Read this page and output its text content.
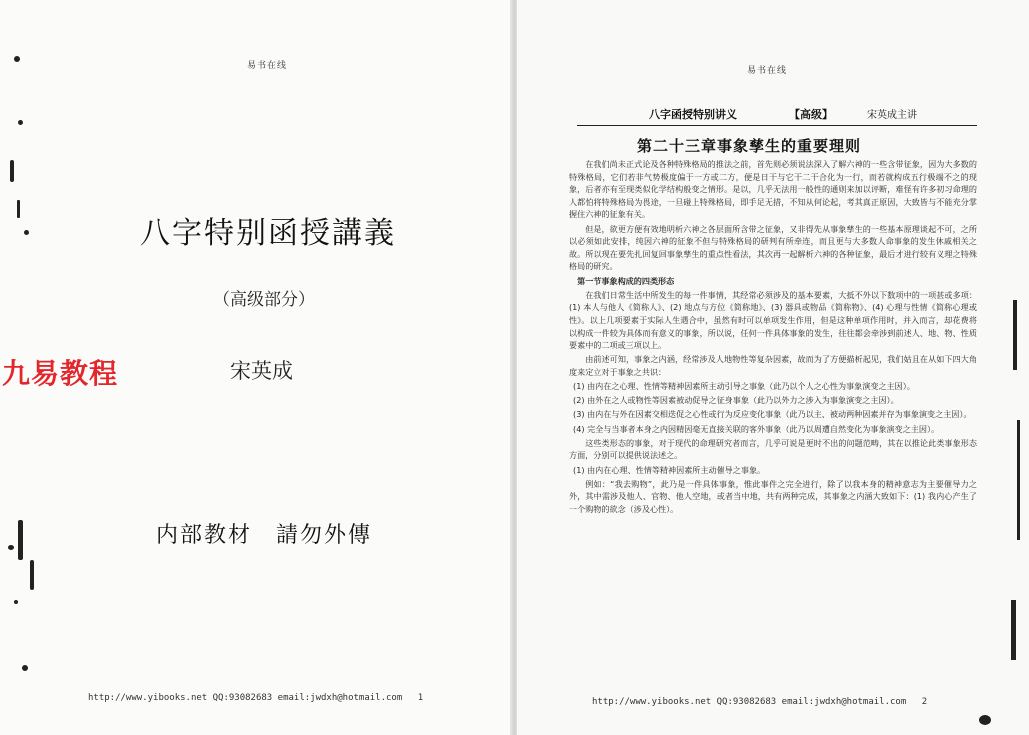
易书在线
八字特别函授講義
（高级部分）
宋英成
内部教材　請勿外傳
九易教程
http://www.yibooks.net QQ:93082683 email:jwdxh@hotmail.com 1
易书在线
八字函授特别讲义	【高级】	宋英成主讲
第二十三章事象孳生的重要理则

在我们尚未正式论及各种特殊格局的推法之前，首先则必须说法深入了解六神的一些含带征象，因为大多数的特殊格局，它们若非气势极度偏于一方或二方，便是日干与它干二干合化为一行，而若就构成五行极端不之的现象，后者亦有至现类似化学结构般变之情形。是以，几乎无法用一般性的通则来加以评断，难怪有许多初习命理的人都怕将特殊格局为畏途，一旦碰上特殊格局，即手足无措，不知从何论起，考其真正原因，大致皆与不能充分掌握住六神的征象有关。

但是，欲更方便有效地明析六神之各层面所含带之征象，又非得先从事象孳生的一些基本原理谈起不可，之所以必须如此安排，纯因六神的征象不但与特殊格局的研判有所牵连，而且更与大多数人命事象的发生休戚相关之故。所以现在要先扎回复回事象孳生的重点性看法，其次再一起解析六神的各种征象，最后才进行较有义理之特殊格局的研究。

第一节事象构成的四类形态

在我们日常生活中所发生的每一件事情，其经常必须涉及的基本要素，大抵不外以下数项中的一项甚或多项：(1) 本人与他人《简称人》、(2) 地点与方位《简称地》、(3) 器具或物品《简称物》、(4) 心理与性情《简称心理或性》。以上几项要素于实际人生遇合中，虽然有时可以单项发生作用，但是这种单项作用时，并入而言，却花费将以构成一件较为具体而有意义的事象，所以说，任何一件具体事象的发生，往往都会牵涉到前述人、地、物、性质要素中的二项或三项以上。

由前述可知，事象之内涵，经常涉及人地物性等复杂因素，故而为了方便描析起见，我们姑且在从如下四大角度来定立对于事象之共识：

(1) 由内在之心理、性情等精神因素所主动引导之事象（此乃以个人之心性为事象演变之主因）。

(2) 由外在之人或物性等因素被动促导之征身事象（此乃以外力之涉入为事象演变之主因）。

(3) 由内在与外在因素交相迭促之心性或行为反应变化事象（此乃以主、被动两种因素并存为事象演变之主因）。

(4) 完全与当事者本身之内因精因毫无直接关联的客外事象（此乃以周遭自然变化为事象演变之主因）。

这些类形态的事象，对于现代的命理研究者而言，几乎可说是更时不出的问题范畴，其在以推论此类事象形态方面，分别可以提供说法述之。

(1) 由内在心理、性情等精神因素所主动催导之事象。

例如：“我去购物”，此乃是一件具体事象，惟此事件之完全进行，除了以我本身的精神意志为主要催导力之外，其中需涉及他人、官物、他人空地，或者当中地，共有两种完成，其事象之内涵大致如下：(1) 我内心产生了一个购物的欲念（涉及心性）。

http://www.yibooks.net QQ:93082683 email:jwdxh@hotmail.com 2
